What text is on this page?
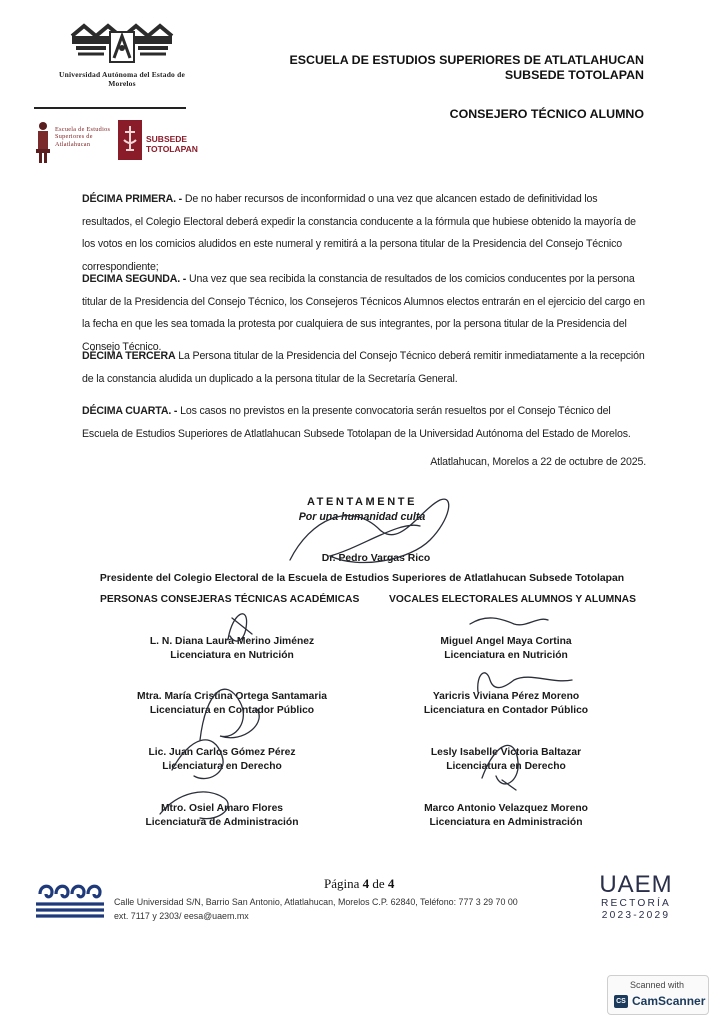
Universidad Autónoma del Estado de Morelos
Escuela de Estudios Superiores de Atlatlahucan
SUBSEDE TOTOLAPAN
ESCUELA DE ESTUDIOS SUPERIORES DE ATLATLAHUCAN
SUBSEDE TOTOLAPAN
CONSEJERO TÉCNICO ALUMNO
DÉCIMA PRIMERA. - De no haber recursos de inconformidad o una vez que alcancen estado de definitividad los resultados, el Colegio Electoral deberá expedir la constancia conducente a la fórmula que hubiese obtenido la mayoría de los votos en los comicios aludidos en este numeral y remitirá a la persona titular de la Presidencia del Consejo Técnico correspondiente;
DECIMA SEGUNDA. - Una vez que sea recibida la constancia de resultados de los comicios conducentes por la persona titular de la Presidencia del Consejo Técnico, los Consejeros Técnicos Alumnos electos entrarán en el ejercicio del cargo en la fecha en que les sea tomada la protesta por cualquiera de sus integrantes, por la persona titular de la Presidencia del Consejo Técnico.
DÉCIMA TERCERA La Persona titular de la Presidencia del Consejo Técnico deberá remitir inmediatamente a la recepción de la constancia aludida un duplicado a la persona titular de la Secretaría General.
DÉCIMA CUARTA. - Los casos no previstos en la presente convocatoria serán resueltos por el Consejo Técnico del Escuela de Estudios Superiores de Atlatlahucan Subsede Totolapan de la Universidad Autónoma del Estado de Morelos.
Atlatlahucan, Morelos a 22 de octubre de 2025.
ATENTAMENTE
Por una humanidad culta
Dr. Pedro Vargas Rico
Presidente del Colegio Electoral de la Escuela de Estudios Superiores de Atlatlahucan Subsede Totolapan
PERSONAS CONSEJERAS TÉCNICAS ACADÉMICAS	VOCALES ELECTORALES ALUMNOS Y ALUMNAS
L. N. Diana Laura Merino Jiménez
Licenciatura en Nutrición
Mtra. María Cristina Ortega Santamaria
Licenciatura en Contador Público
Lic. Juan Carlos Gómez Pérez
Licenciatura en Derecho
Mtro. Osiel Amaro Flores
Licenciatura de Administración
Miguel Angel Maya Cortina
Licenciatura en Nutrición
Yaricris Viviana Pérez Moreno
Licenciatura en Contador Público
Lesly Isabelle Victoria Baltazar
Licenciatura en Derecho
Marco Antonio Velazquez Moreno
Licenciatura en Administración
Página 4 de 4
Calle Universidad S/N, Barrio San Antonio, Atlatlahucan, Morelos C.P. 62840, Teléfono: 777 3 29 70 00
ext. 7117 y 2303/ eesa@uaem.mx
UAEM
RECTORÍA
2023-2029
Scanned with
CS CamScanner
